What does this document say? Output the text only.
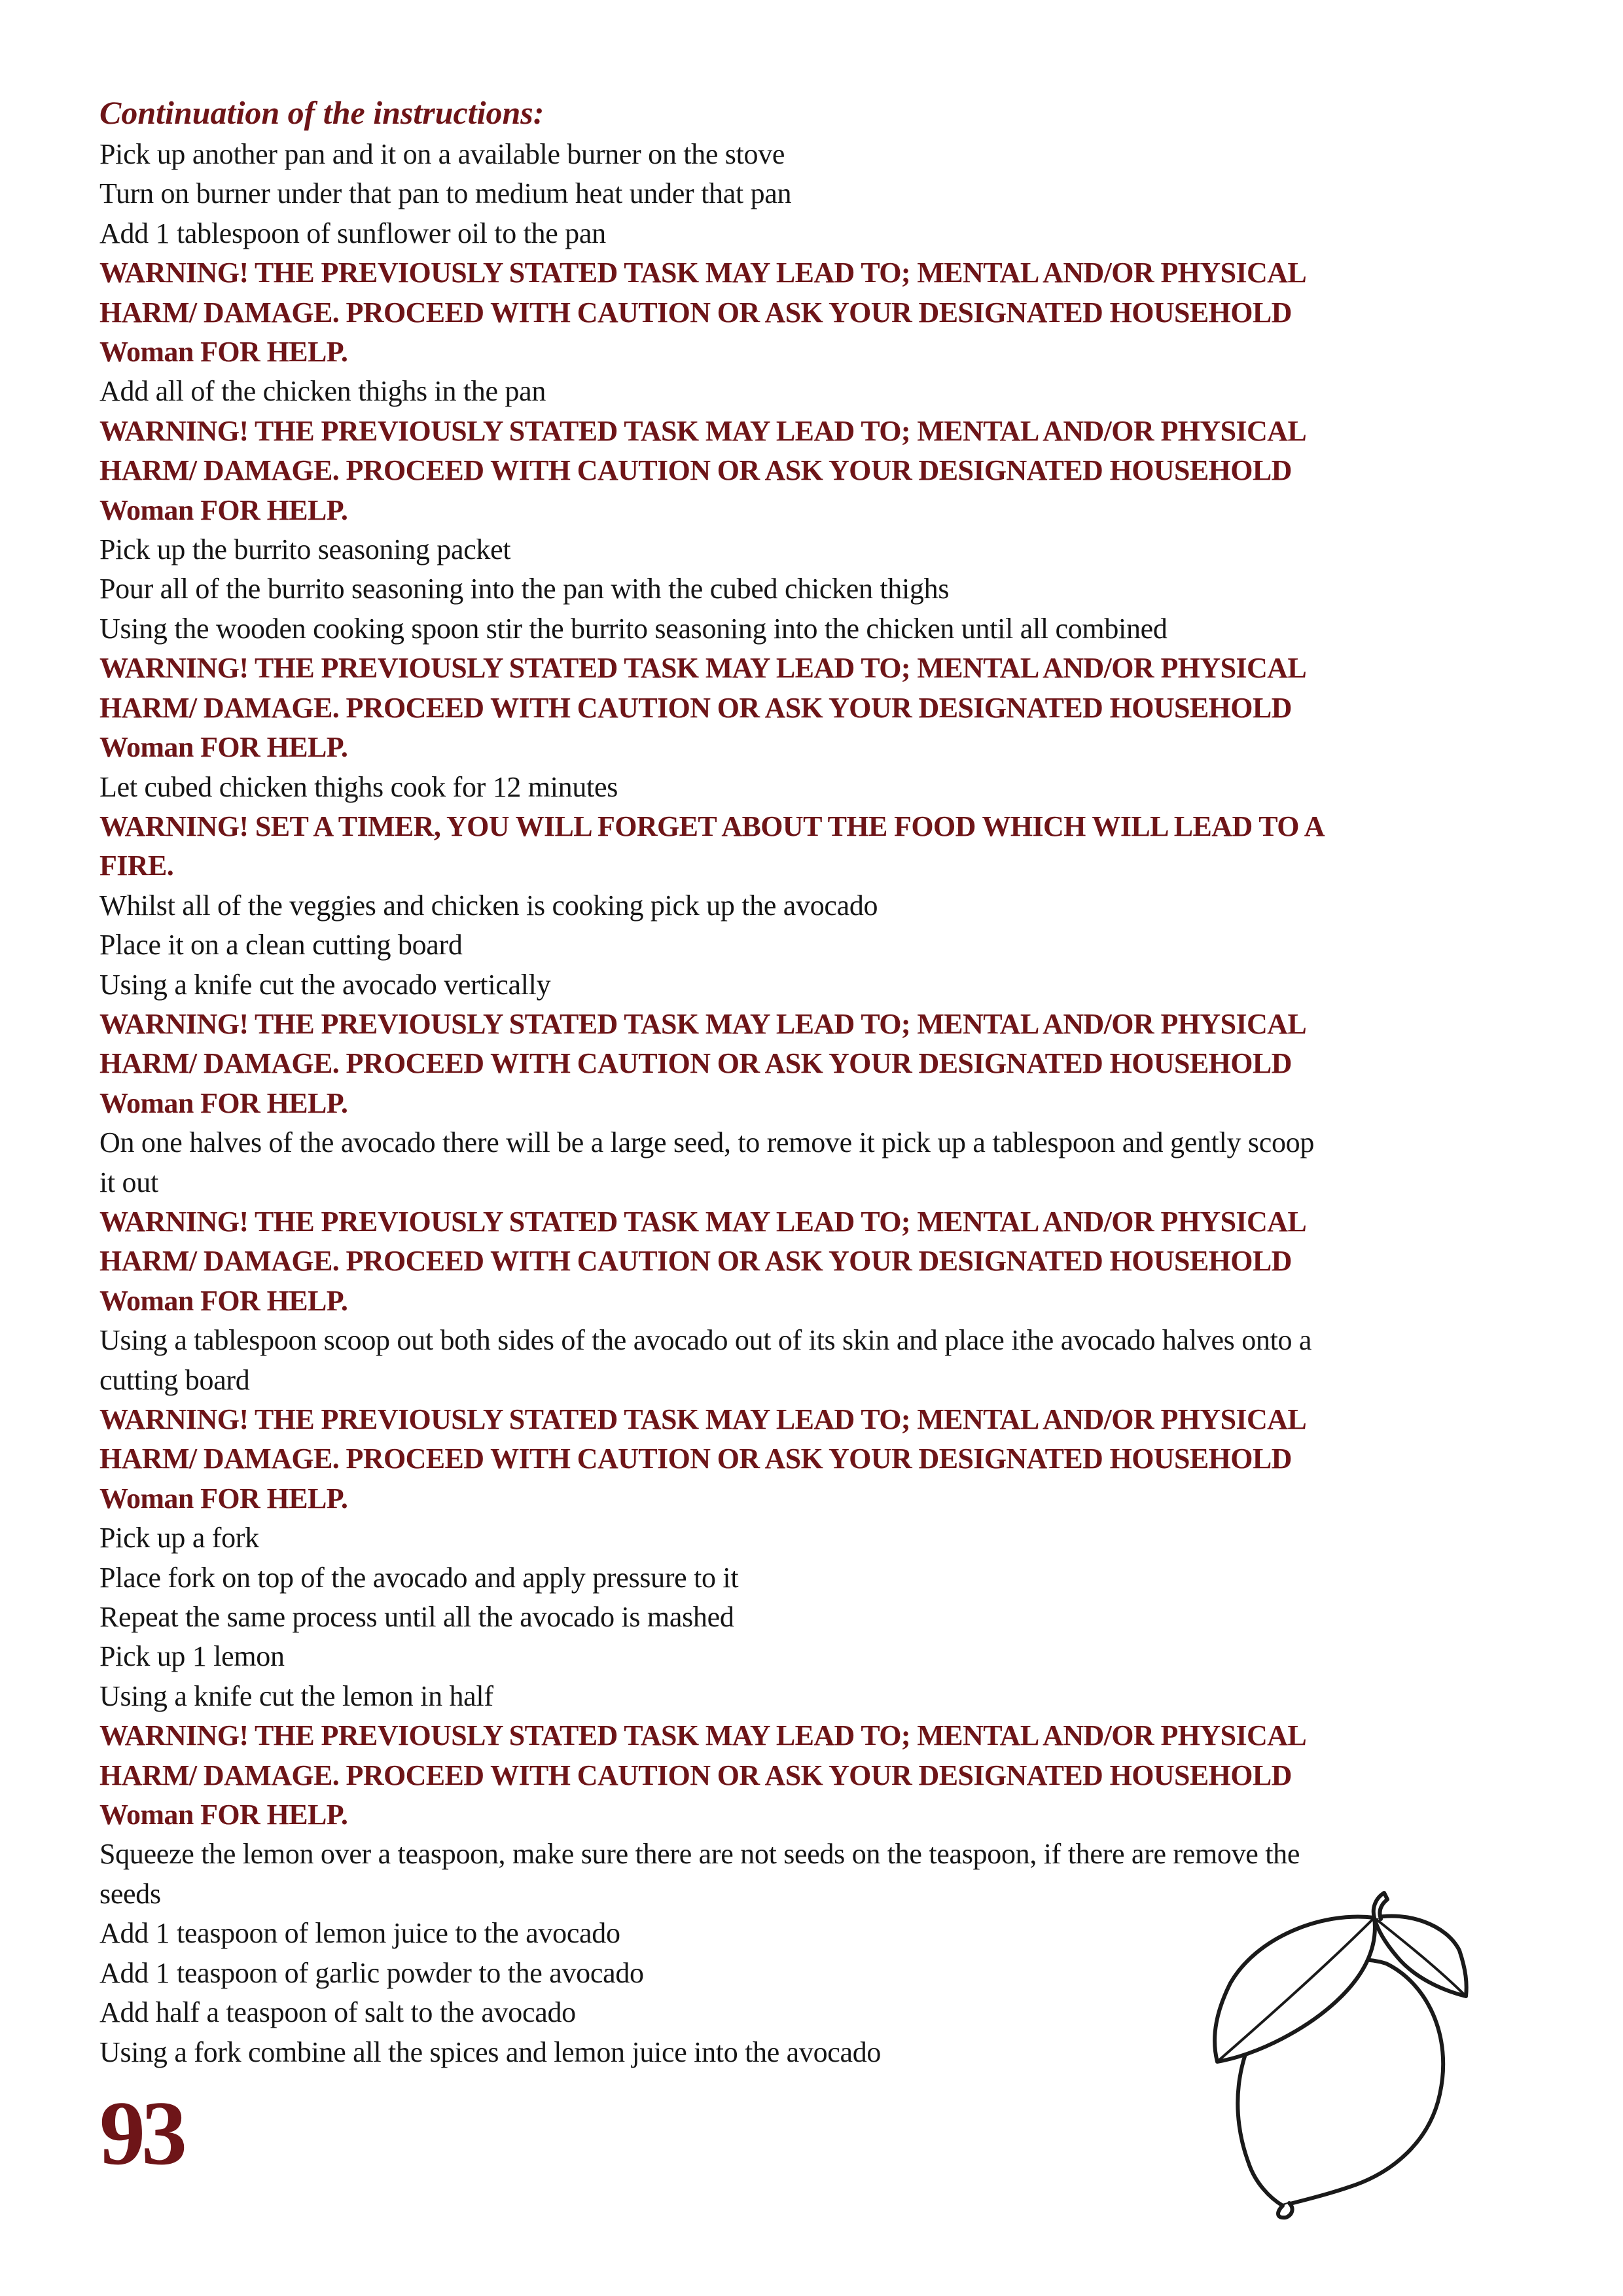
Continuation of the instructions:

Pick up another pan and it on a available burner on the stove

Turn on burner under that pan to medium heat under that pan

Add 1 tablespoon of sunflower oil to the pan

WARNING! THE PREVIOUSLY STATED TASK MAY LEAD TO; MENTAL AND/OR PHYSICAL

HARM/ DAMAGE. PROCEED WITH CAUTION OR ASK YOUR DESIGNATED HOUSEHOLD

Woman FOR HELP.

Add all of the chicken thighs in the pan

WARNING! THE PREVIOUSLY STATED TASK MAY LEAD TO; MENTAL AND/OR PHYSICAL

HARM/ DAMAGE. PROCEED WITH CAUTION OR ASK YOUR DESIGNATED HOUSEHOLD

Woman FOR HELP.

Pick up the burrito seasoning packet

Pour all of the burrito seasoning into the pan with the cubed chicken thighs

Using the wooden cooking spoon stir the burrito seasoning into the chicken until all combined

WARNING! THE PREVIOUSLY STATED TASK MAY LEAD TO; MENTAL AND/OR PHYSICAL

HARM/ DAMAGE. PROCEED WITH CAUTION OR ASK YOUR DESIGNATED HOUSEHOLD

Woman FOR HELP.

Let cubed chicken thighs cook for 12 minutes

WARNING! SET A TIMER, YOU WILL FORGET ABOUT THE FOOD WHICH WILL LEAD TO A

FIRE.

Whilst all of the veggies and chicken is cooking pick up the avocado

Place it on a clean cutting board

Using a knife cut the avocado vertically

WARNING! THE PREVIOUSLY STATED TASK MAY LEAD TO; MENTAL AND/OR PHYSICAL

HARM/ DAMAGE. PROCEED WITH CAUTION OR ASK YOUR DESIGNATED HOUSEHOLD

Woman FOR HELP.

On one halves of the avocado there will be a large seed, to remove it pick up a tablespoon and gently scoop

it out

WARNING! THE PREVIOUSLY STATED TASK MAY LEAD TO; MENTAL AND/OR PHYSICAL

HARM/ DAMAGE. PROCEED WITH CAUTION OR ASK YOUR DESIGNATED HOUSEHOLD

Woman FOR HELP.

Using a tablespoon scoop out both sides of the avocado out of its skin and place ithe avocado halves onto a

cutting board

WARNING! THE PREVIOUSLY STATED TASK MAY LEAD TO; MENTAL AND/OR PHYSICAL

HARM/ DAMAGE. PROCEED WITH CAUTION OR ASK YOUR DESIGNATED HOUSEHOLD

Woman FOR HELP.

Pick up a fork

Place fork on top of the avocado and apply pressure to it

Repeat the same process until all the avocado is mashed

Pick up 1 lemon

Using a knife cut the lemon in half

WARNING! THE PREVIOUSLY STATED TASK MAY LEAD TO; MENTAL AND/OR PHYSICAL

HARM/ DAMAGE. PROCEED WITH CAUTION OR ASK YOUR DESIGNATED HOUSEHOLD

Woman FOR HELP.

Squeeze the lemon over a teaspoon, make sure there are not seeds on the teaspoon, if there are remove the

seeds

Add 1 teaspoon of lemon juice to the avocado

Add 1 teaspoon of garlic powder to the avocado

Add half a teaspoon of salt to the avocado

Using a fork combine all the spices and lemon juice into the avocado

93
